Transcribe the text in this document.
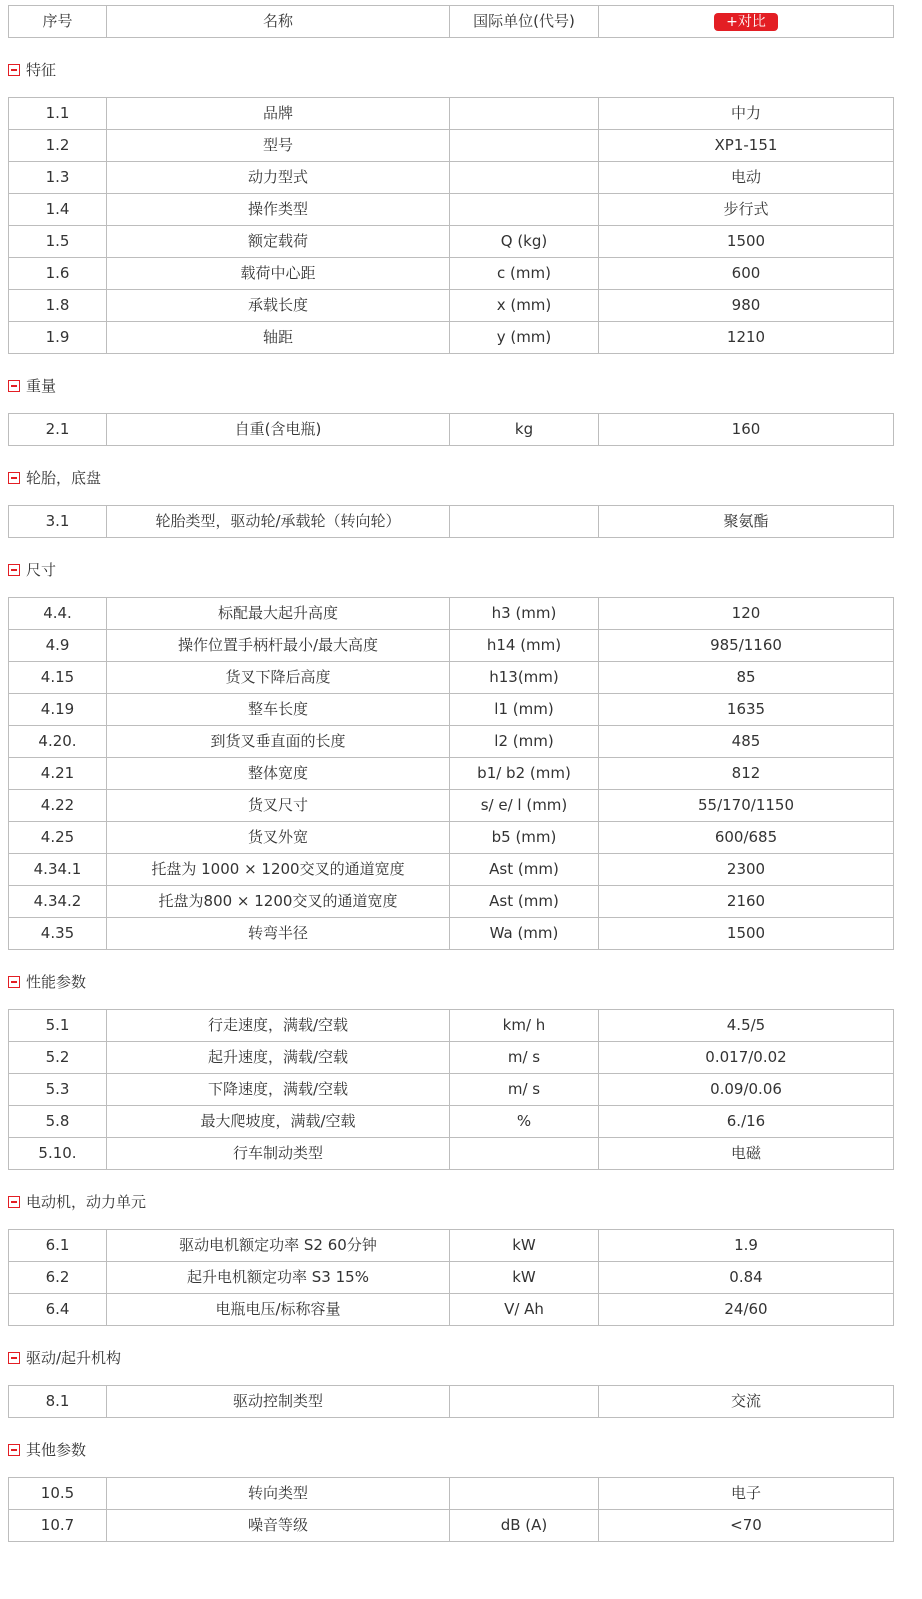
序号	名称	国际单位(代号)	+对比
特征
1.1	品牌		中力
1.2	型号		XP1-151
1.3	动力型式		电动
1.4	操作类型		步行式
1.5	额定载荷	Q (kg)	1500
1.6	载荷中心距	c (mm)	600
1.8	承载长度	x (mm)	980
1.9	轴距	y (mm)	1210
重量
2.1	自重(含电瓶)	kg	160
轮胎，底盘
3.1	轮胎类型，驱动轮/承载轮（转向轮）		聚氨酯
尺寸
4.4.	标配最大起升高度	h3 (mm)	120
4.9	操作位置手柄杆最小/最大高度	h14 (mm)	985/1160
4.15	货叉下降后高度	h13(mm)	85
4.19	整车长度	l1 (mm)	1635
4.20.	到货叉垂直面的长度	l2 (mm)	485
4.21	整体宽度	b1/ b2 (mm)	812
4.22	货叉尺寸	s/ e/ l (mm)	55/170/1150
4.25	货叉外宽	b5 (mm)	600/685
4.34.1	托盘为 1000 × 1200交叉的通道宽度	Ast (mm)	2300
4.34.2	托盘为800 × 1200交叉的通道宽度	Ast (mm)	2160
4.35	转弯半径	Wa (mm)	1500
性能参数
5.1	行走速度，满载/空载	km/ h	4.5/5
5.2	起升速度，满载/空载	m/ s	0.017/0.02
5.3	下降速度，满载/空载	m/ s	0.09/0.06
5.8	最大爬坡度，满载/空载	%	6./16
5.10.	行车制动类型		电磁
电动机，动力单元
6.1	驱动电机额定功率 S2 60分钟	kW	1.9
6.2	起升电机额定功率 S3 15%	kW	0.84
6.4	电瓶电压/标称容量	V/ Ah	24/60
驱动/起升机构
8.1	驱动控制类型		交流
其他参数
10.5	转向类型		电子
10.7	噪音等级	dB (A)	<70
